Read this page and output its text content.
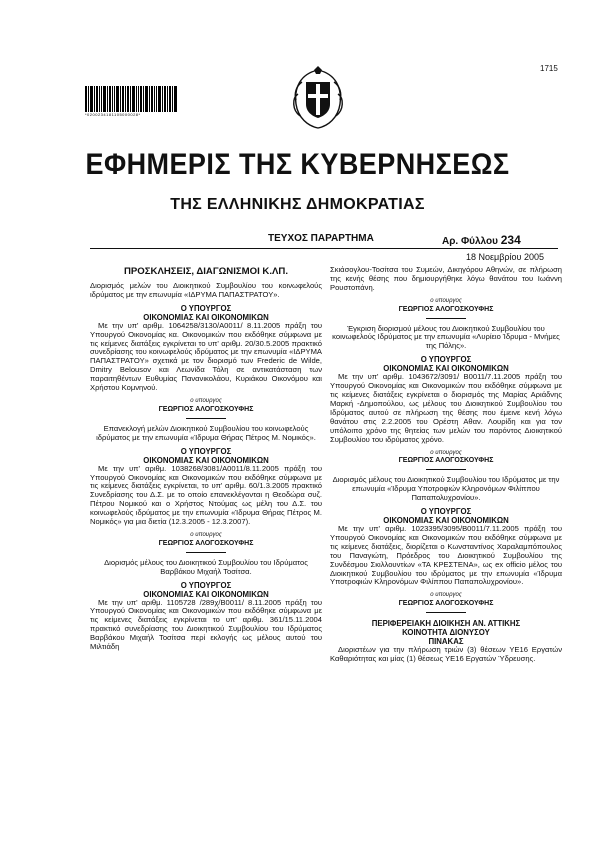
1715
*0200234181105000028*
ΕΦΗΜΕΡΙΣ ΤΗΣ ΚΥΒΕΡΝΗΣΕΩΣ
ΤΗΣ ΕΛΛΗΝΙΚΗΣ ΔΗΜΟΚΡΑΤΙΑΣ
ΤΕΥΧΟΣ ΠΑΡΑΡΤΗΜΑ	Αρ. Φύλλου 234
18 Νοεμβρίου 2005
ΠΡΟΣΚΛΗΣΕΙΣ, ΔΙΑΓΩΝΙΣΜΟΙ Κ.ΛΠ.

Διορισμός μελών του Διοικητικού Συμβουλίου του κοινωφελούς ιδρύματος με την επωνυμία «ΙΔΡΥΜΑ ΠΑΠΑΣΤΡΑΤΟΥ».

Ο ΥΠΟΥΡΓΟΣ
ΟΙΚΟΝΟΜΙΑΣ ΚΑΙ ΟΙΚΟΝΟΜΙΚΩΝ

Με την υπ' αριθμ. 1064258/3130/Α0011/ 8.11.2005 πράξη του Υπουργού Οικονομίας κα. Οικονομικών που εκδόθηκε σύμφωνα με τις κείμενες διατάξεις εγκρίνεται το υπ' αριθμ. 20/30.5.2005 πρακτικό συνεδρίασης του κοινωφελούς ιδρύματος με την επωνυμία «ΙΔΡΥΜΑ ΠΑΠΑΣΤΡΑΤΟΥ» σχετικά με τον διορισμό των Frederic de Wilde, Dmitry Belousov και Λεωνίδα Τόλη σε αντικατάσταση των παραιτηθέντων Ευθυμίας Πανανικολάου, Κυριάκου Οικονόμου και Χρήστου Κομνηνού.

ο υπουργος
ΓΕΩΡΓΙΟΣ ΑΛΟΓΟΣΚΟΥΦΗΣ

Επανεκλογή μελών Διοικητικού Συμβουλίου του κοινωφελούς ιδρύματος με την επωνυμία «Ίδρυμα Θήρας Πέτρος Μ. Νομικός».

Ο ΥΠΟΥΡΓΟΣ
ΟΙΚΟΝΟΜΙΑΣ ΚΑΙ ΟΙΚΟΝΟΜΙΚΩΝ

Με την υπ' αριθμ. 1038268/3081/Α0011/8.11.2005 πράξη του Υπουργού Οικονομίας και Οικονομικών που εκδόθηκε σύμφωνα με τις κείμενες διατάξεις εγκρίνεται, το υπ' αριθμ. 60/1.3.2005 πρακτικό Συνεδρίασης του Δ.Σ. με το οποίο επανεκλέγονται η Θεοδώρα συζ. Πέτρου Νομικού και ο Χρήστος Ντούμας ως μέλη του Δ.Σ. του κοινωφελούς ιδρύματος με την επωνυμία «Ίδρυμα Θήρας Πέτρος Μ. Νομικός» για μια διετία (12.3.2005 - 12.3.2007).

ο υπουργος
ΓΕΩΡΓΙΟΣ ΑΛΟΓΟΣΚΟΥΦΗΣ

Διορισμός μέλους του Διοικητικού Συμβουλίου του Ιδρύματος Βαρβάκου Μιχαήλ Τοσίτσα.

Ο ΥΠΟΥΡΓΟΣ
ΟΙΚΟΝΟΜΙΑΣ ΚΑΙ ΟΙΚΟΝΟΜΙΚΩΝ

Με την υπ' αριθμ. 1105728 /289χ/Β0011/ 8.11.2005 πράξη του Υπουργού Οικονομίας και Οικονομικών που εκδόθηκε σύμφωνα με τις κείμενες διατάξεις εγκρίνεται το υπ' αριθμ. 361/15.11.2004 πρακτικό συνεδρίασης του Διοικητικού Συμβουλίου του Ιδρύματος Βαρβάκου Μιχαήλ Τοσίτσα περί εκλογής ως μέλους αυτού του Μιλτιάδη

Σκιάσογλου-Τοσίτσα του Συμεών, Δικηγόρου Αθηνών, σε πλήρωση της κενής θέσης που δημιουργήθηκε λόγω θανάτου του Ιωάννη Ρουστοπάνη.

ο υπουργος
ΓΕΩΡΓΙΟΣ ΑΛΟΓΟΣΚΟΥΦΗΣ

Έγκριση διορισμού μέλους του Διοικητικού Συμβουλίου του κοινωφελούς Ιδρύματος με την επωνυμία «Λυρίειο Ίδρυμα - Μνήμες της Πόλης».

Ο ΥΠΟΥΡΓΟΣ
ΟΙΚΟΝΟΜΙΑΣ ΚΑΙ ΟΙΚΟΝΟΜΙΚΩΝ

Με την υπ' αριθμ. 1043672/3091/ Β0011/7.11.2005 πράξη του Υπουργού Οικονομίας και Οικονομικών που εκδόθηκε σύμφωνα με τις κείμενες διατάξεις εγκρίνεται ο διορισμός της Μαρίας Αριάδνης Μαρκή -Δημοπούλου, ως μέλους του Διοικητικού Συμβουλίου του Ιδρύματος αυτού σε πλήρωση της θέσης που έμεινε κενή λόγω θανάτου στις 2.2.2005 του Ορέστη Αθαν. Λουρίδη και για τον υπόλοιπο χρόνο της θητείας των μελών του παρόντος Διοικητικού Συμβουλίου του ιδρύματος χρόνο.

ο υπουργος
ΓΕΩΡΓΙΟΣ ΑΛΟΓΟΣΚΟΥΦΗΣ

Διορισμός μέλους του Διοικητικού Συμβουλίου του Ιδρύματος με την επωνυμία «Ίδρυμα Υποτροφιών Κληρονόμων Φιλίππου Παπαπολυχρονίου».

Ο ΥΠΟΥΡΓΟΣ
ΟΙΚΟΝΟΜΙΑΣ ΚΑΙ ΟΙΚΟΝΟΜΙΚΩΝ

Με την υπ' αριθμ. 1023395/3095/Β0011/7.11.2005 πράξη του Υπουργού Οικονομίας και Οικονομικών που εκδόθηκε σύμφωνα με τις κείμενες διατάξεις, διορίζεται ο Κωνσταντίνος Χαραλαμπόπουλος του Παναγιώτη, Πρόεδρος του Διοικητικού Συμβουλίου της Συνδέσμου Σκιλλουντίων «ΤΑ ΚΡΕΣΤΕΝΑ», ως ex officio μέλος του Διοικητικού Συμβουλίου του ιδρύματος με την επωνυμία «Ίδρυμα Υποτροφιών Κληρονόμων Φιλίππου Παπαπολυχρονίου».

ο υπουργος
ΓΕΩΡΓΙΟΣ ΑΛΟΓΟΣΚΟΥΦΗΣ
ΠΕΡΙΦΕΡΕΙΑΚΗ ΔΙΟΙΚΗΣΗ ΑΝ. ΑΤΤΙΚΗΣ
ΚΟΙΝΟΤΗΤΑ ΔΙΟΝΥΣΟΥ
ΠΙΝΑΚΑΣ

Διοριστέων για την πλήρωση τριών (3) θέσεων ΥΕ16 Εργατών Καθαριότητας και μίας (1) θέσεως ΥΕ16 Εργατών Ύδρευσης.
